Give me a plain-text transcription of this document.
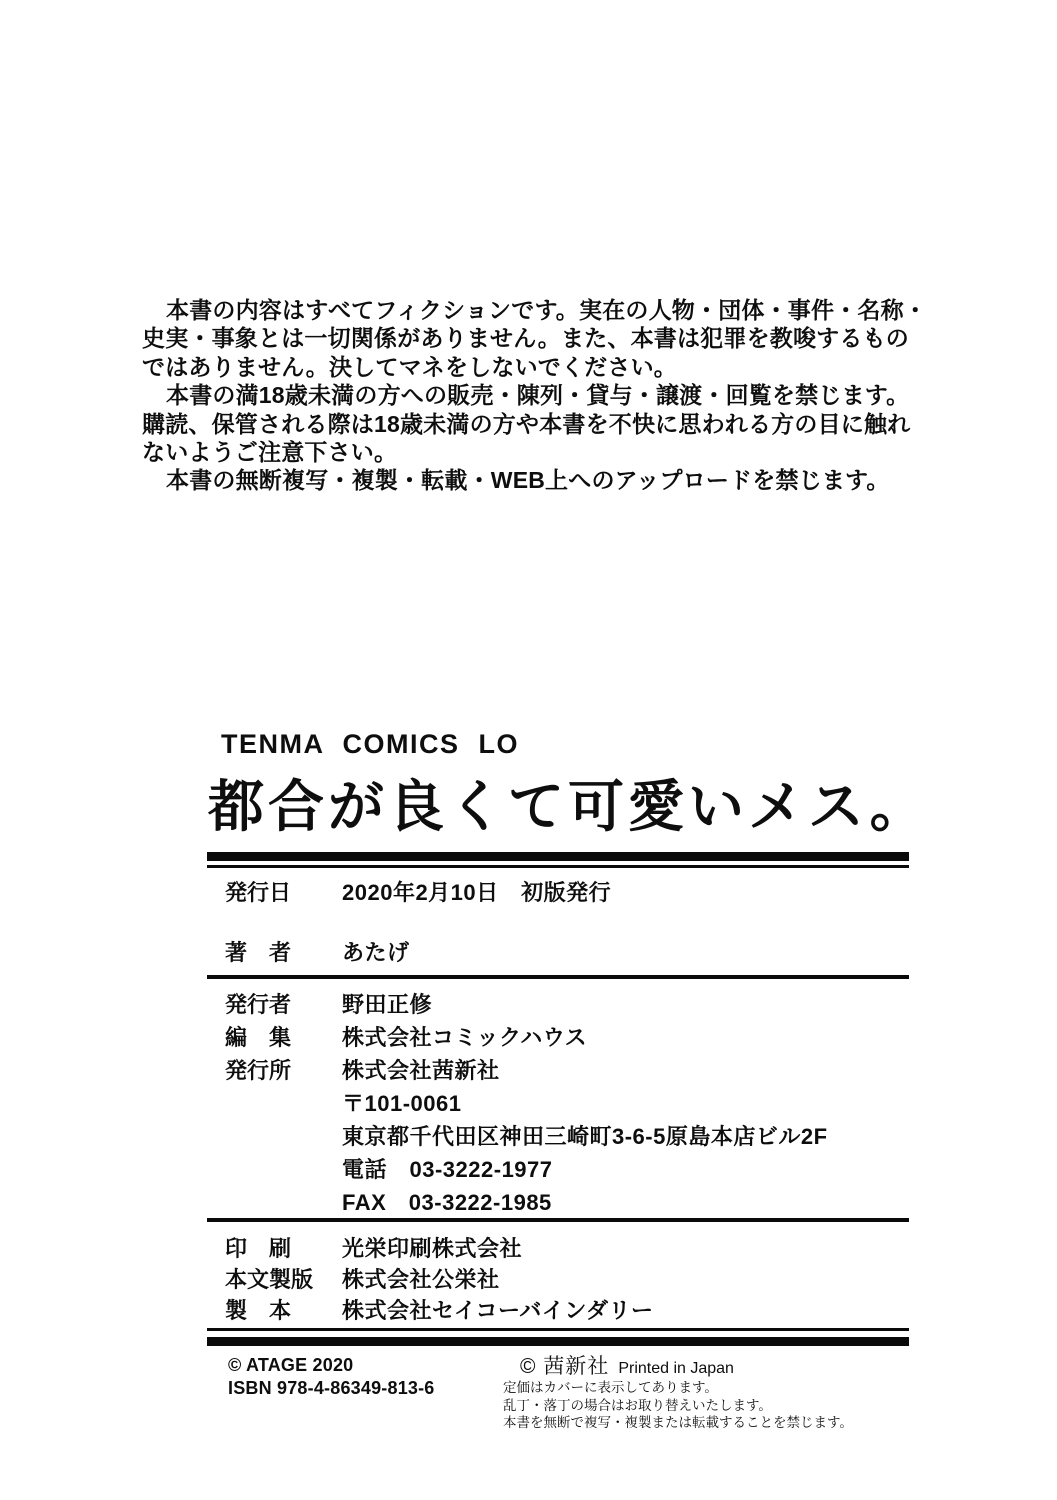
本書の内容はすべてフィクションです。実在の人物・団体・事件・名称・史実・事象とは一切関係がありません。また、本書は犯罪を教唆するものではありません。決してマネをしないでください。

本書の満18歳未満の方への販売・陳列・貸与・譲渡・回覧を禁じます。購読、保管される際は18歳未満の方や本書を不快に思われる方の目に触れないようご注意下さい。

本書の無断複写・複製・転載・WEB上へのアップロードを禁じます。

TENMA COMICS LO
都合が良くて可愛いメス。
発行日	2020年2月10日　初版発行
著　者	あたげ
発行者	野田正修
編　集	株式会社コミックハウス
発行所	株式会社茜新社
〒101-0061
東京都千代田区神田三崎町3-6-5原島本店ビル2F
電話　03-3222-1977
FAX　03-3222-1985
印　刷	光栄印刷株式会社
本文製版	株式会社公栄社
製　本	株式会社セイコーバインダリー
© ATAGE 2020
ISBN 978-4-86349-813-6
© 茜新社 Printed in Japan
定価はカバーに表示してあります。
乱丁・落丁の場合はお取り替えいたします。
本書を無断で複写・複製または転載することを禁じます。
